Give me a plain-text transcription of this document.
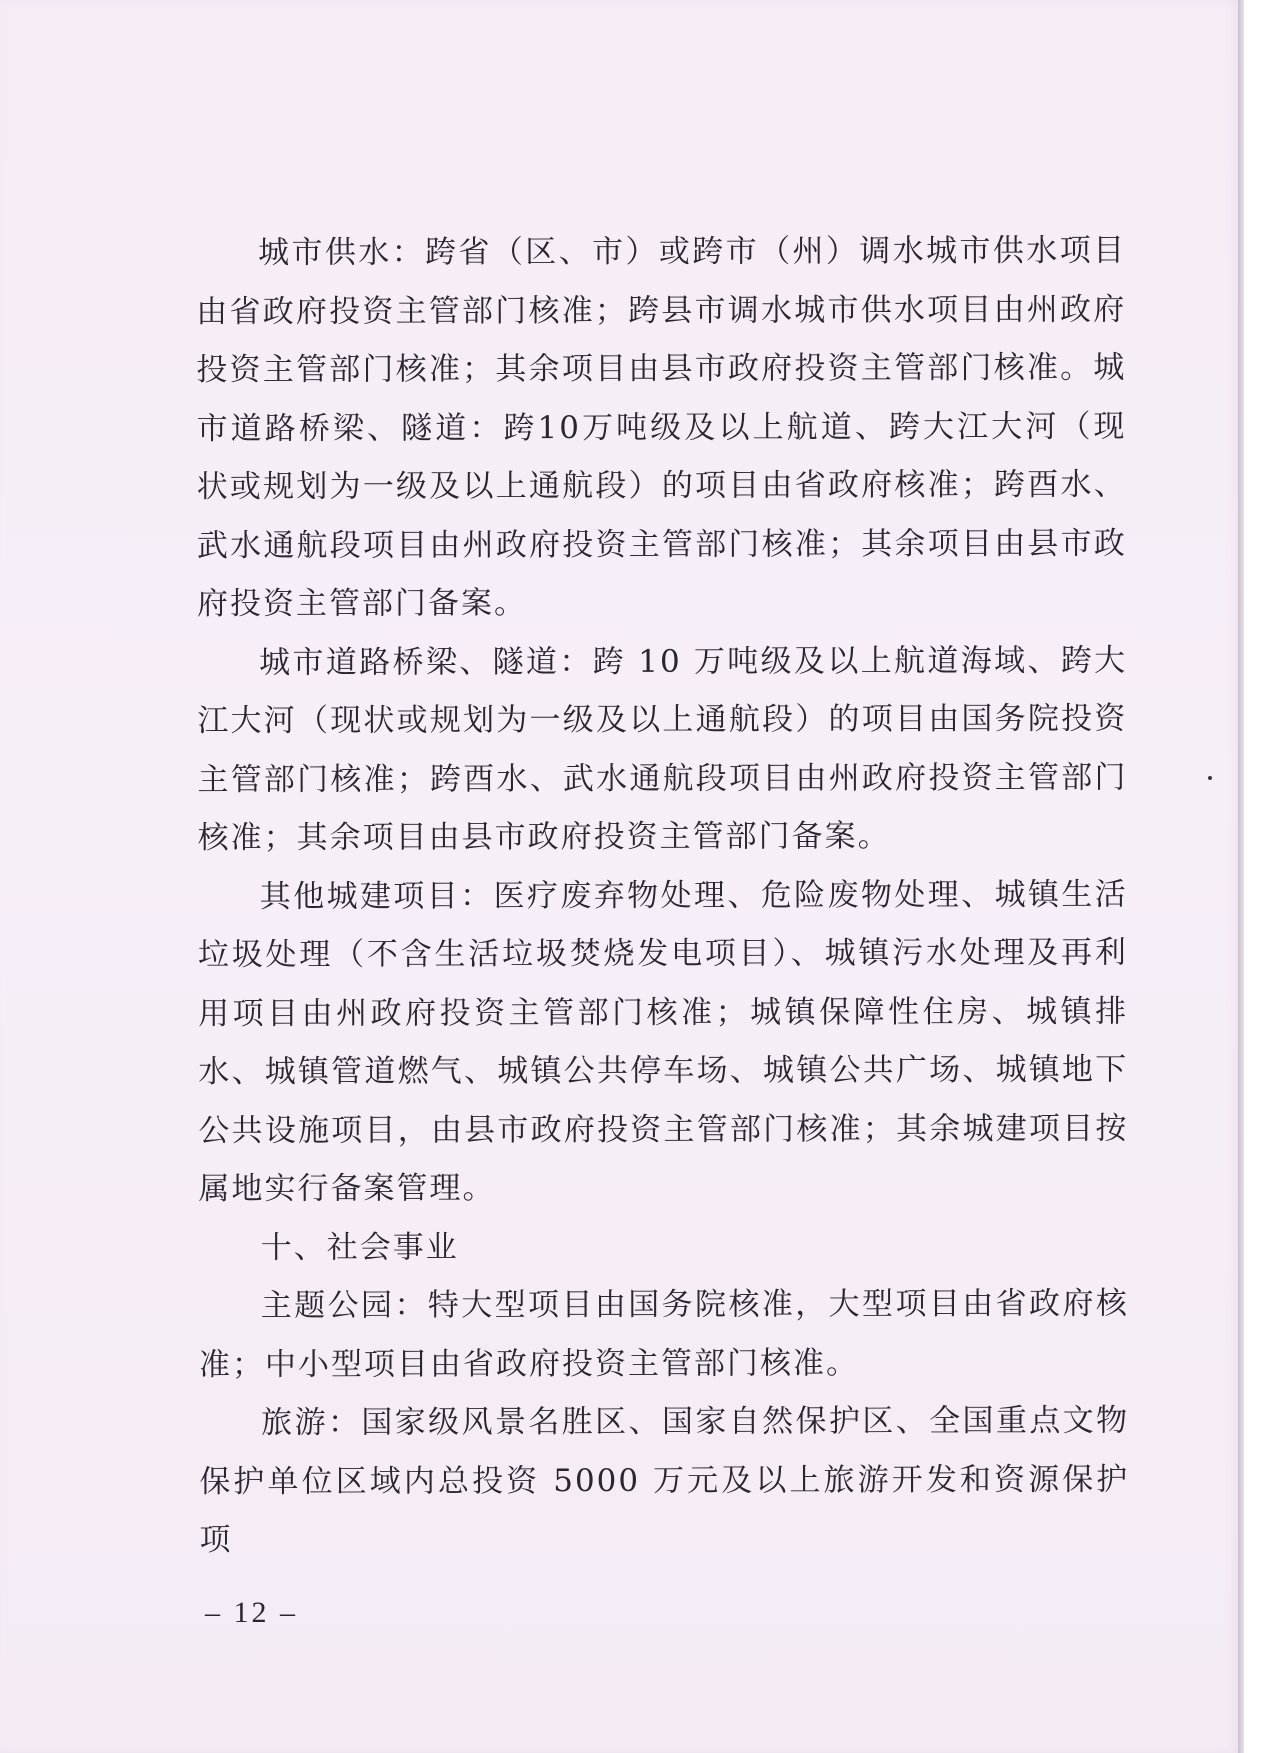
城市供水：跨省（区、市）或跨市（州）调水城市供水项目由省政府投资主管部门核准；跨县市调水城市供水项目由州政府投资主管部门核准；其余项目由县市政府投资主管部门核准。城市道路桥梁、隧道：跨10万吨级及以上航道、跨大江大河（现状或规划为一级及以上通航段）的项目由省政府核准；跨酉水、武水通航段项目由州政府投资主管部门核准；其余项目由县市政府投资主管部门备案。

城市道路桥梁、隧道：跨 10 万吨级及以上航道海域、跨大江大河（现状或规划为一级及以上通航段）的项目由国务院投资主管部门核准；跨酉水、武水通航段项目由州政府投资主管部门核准；其余项目由县市政府投资主管部门备案。

其他城建项目：医疗废弃物处理、危险废物处理、城镇生活垃圾处理（不含生活垃圾焚烧发电项目）、城镇污水处理及再利用项目由州政府投资主管部门核准；城镇保障性住房、城镇排水、城镇管道燃气、城镇公共停车场、城镇公共广场、城镇地下公共设施项目，由县市政府投资主管部门核准；其余城建项目按属地实行备案管理。

十、社会事业

主题公园：特大型项目由国务院核准，大型项目由省政府核准；中小型项目由省政府投资主管部门核准。

旅游：国家级风景名胜区、国家自然保护区、全国重点文物保护单位区域内总投资 5000 万元及以上旅游开发和资源保护项

– 12 –
